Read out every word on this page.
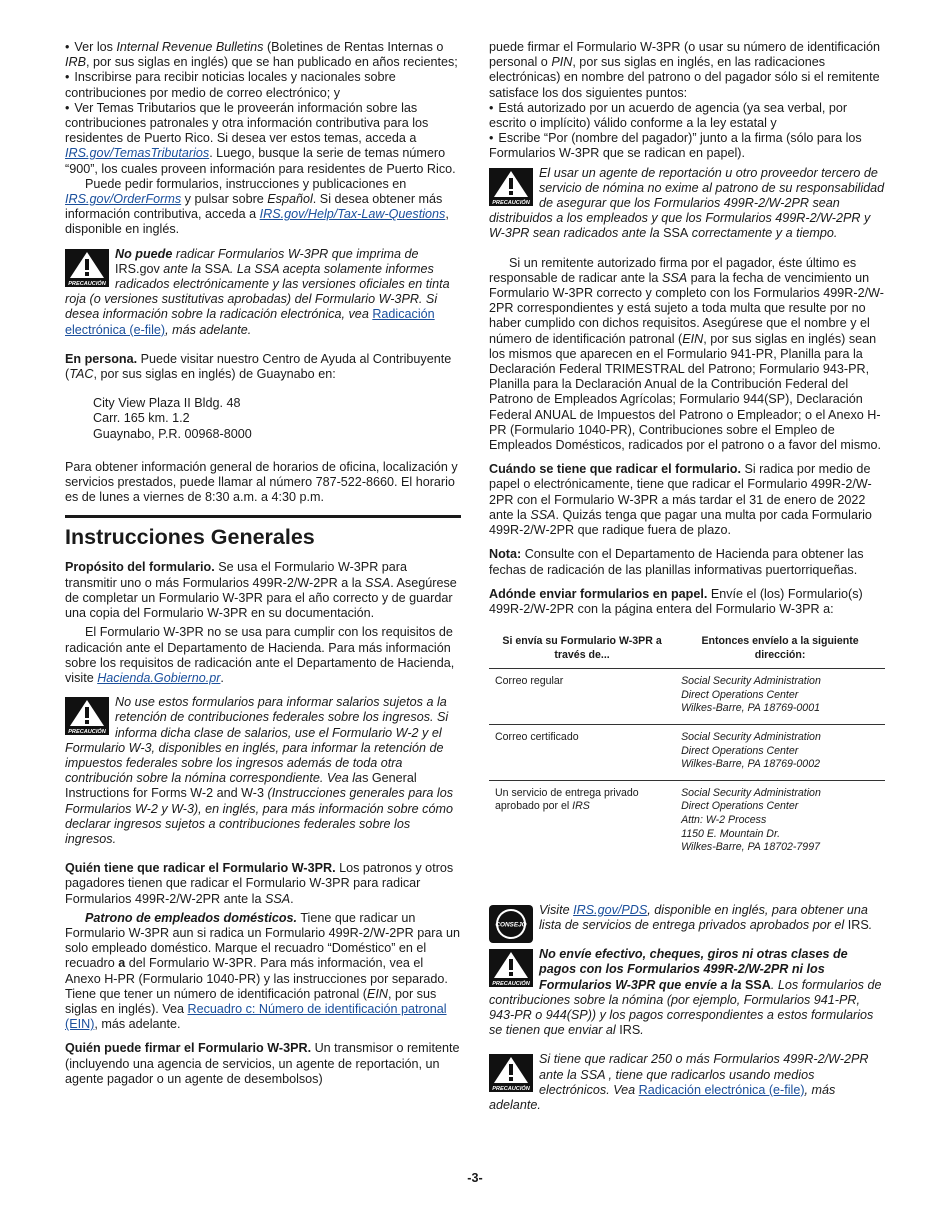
• Ver los Internal Revenue Bulletins (Boletines de Rentas Internas o IRB, por sus siglas en inglés) que se han publicado en años recientes;

• Inscribirse para recibir noticias locales y nacionales sobre contribuciones por medio de correo electrónico; y

• Ver Temas Tributarios que le proveerán información sobre las contribuciones patronales y otra información contributiva para los residentes de Puerto Rico. Si desea ver estos temas, acceda a IRS.gov/TemasTributarios. Luego, busque la serie de temas número “900”, los cuales proveen información para residentes de Puerto Rico.

Puede pedir formularios, instrucciones y publicaciones en IRS.gov/OrderForms y pulsar sobre Español. Si desea obtener más información contributiva, acceda a IRS.gov/Help/Tax-Law-Questions, disponible en inglés.

PRECAUCIÓN
No puede radicar Formularios W-3PR que imprima de IRS.gov ante la SSA. La SSA acepta solamente informes radicados electrónicamente y las versiones oficiales en tinta roja (o versiones sustitutivas aprobadas) del Formulario W-3PR. Si desea información sobre la radicación electrónica, vea Radicación electrónica (e-file), más adelante.

En persona. Puede visitar nuestro Centro de Ayuda al Contribuyente (TAC, por sus siglas en inglés) de Guaynabo en:

City View Plaza II Bldg. 48
Carr. 165 km. 1.2
Guaynabo, P.R. 00968-8000

Para obtener información general de horarios de oficina, localización y servicios prestados, puede llamar al número 787-522-8660. El horario es de lunes a viernes de 8:30 a.m. a 4:30 p.m.

Instrucciones Generales

Propósito del formulario. Se usa el Formulario W-3PR para transmitir uno o más Formularios 499R-2/W-2PR a la SSA. Asegúrese de completar un Formulario W-3PR para el año correcto y de guardar una copia del Formulario W-3PR en su documentación.

El Formulario W-3PR no se usa para cumplir con los requisitos de radicación ante el Departamento de Hacienda. Para más información sobre los requisitos de radicación ante el Departamento de Hacienda, visite Hacienda.Gobierno.pr.

PRECAUCIÓN
No use estos formularios para informar salarios sujetos a la retención de contribuciones federales sobre los ingresos. Si informa dicha clase de salarios, use el Formulario W-2 y el Formulario W-3, disponibles en inglés, para informar la retención de impuestos federales sobre los ingresos además de toda otra contribución sobre la nómina correspondiente. Vea las General Instructions for Forms W-2 and W-3 (Instrucciones generales para los Formularios W-2 y W-3), en inglés, para más información sobre cómo declarar ingresos sujetos a contribuciones federales sobre los ingresos.

Quién tiene que radicar el Formulario W-3PR. Los patronos y otros pagadores tienen que radicar el Formulario W-3PR para radicar Formularios 499R-2/W-2PR ante la SSA.

Patrono de empleados domésticos. Tiene que radicar un Formulario W-3PR aun si radica un Formulario 499R-2/W-2PR para un solo empleado doméstico. Marque el recuadro “Doméstico” en el recuadro a del Formulario W-3PR. Para más información, vea el Anexo H-PR (Formulario 1040-PR) y las instrucciones por separado. Tiene que tener un número de identificación patronal (EIN, por sus siglas en inglés). Vea Recuadro c: Número de identificación patronal (EIN), más adelante.

Quién puede firmar el Formulario W-3PR. Un transmisor o remitente (incluyendo una agencia de servicios, un agente de reportación, un agente pagador o un agente de desembolsos)

puede firmar el Formulario W-3PR (o usar su número de identificación personal o PIN, por sus siglas en inglés, en las radicaciones electrónicas) en nombre del patrono o del pagador sólo si el remitente satisface los dos siguientes puntos:

• Está autorizado por un acuerdo de agencia (ya sea verbal, por escrito o implícito) válido conforme a la ley estatal y

• Escribe “Por (nombre del pagador)” junto a la firma (sólo para los Formularios W-3PR que se radican en papel).

PRECAUCIÓN
El usar un agente de reportación u otro proveedor tercero de servicio de nómina no exime al patrono de su responsabilidad de asegurar que los Formularios 499R-2/W-2PR sean distribuidos a los empleados y que los Formularios 499R-2/W-2PR y W-3PR sean radicados ante la SSA correctamente y a tiempo.

Si un remitente autorizado firma por el pagador, éste último es responsable de radicar ante la SSA para la fecha de vencimiento un Formulario W-3PR correcto y completo con los Formularios 499R-2/W-2PR correspondientes y está sujeto a toda multa que resulte por no haber cumplido con dichos requisitos. Asegúrese que el nombre y el número de identificación patronal (EIN, por sus siglas en inglés) sean los mismos que aparecen en el Formulario 941-PR, Planilla para la Declaración Federal TRIMESTRAL del Patrono; Formulario 943-PR, Planilla para la Declaración Anual de la Contribución Federal del Patrono de Empleados Agrícolas; Formulario 944(SP), Declaración Federal ANUAL de Impuestos del Patrono o Empleador; o el Anexo H-PR (Formulario 1040-PR), Contribuciones sobre el Empleo de Empleados Domésticos, radicados por el patrono o a favor del mismo.

Cuándo se tiene que radicar el formulario. Si radica por medio de papel o electrónicamente, tiene que radicar el Formulario 499R-2/W-2PR con el Formulario W-3PR a más tardar el 31 de enero de 2022 ante la SSA. Quizás tenga que pagar una multa por cada Formulario 499R-2/W-2PR que radique fuera de plazo.

Nota: Consulte con el Departamento de Hacienda para obtener las fechas de radicación de las planillas informativas puertorriqueñas.

Adónde enviar formularios en papel. Envíe el (los) Formulario(s) 499R-2/W-2PR con la página entera del Formulario W-3PR a:

Si envía su Formulario W-3PR a través de...	Entonces envíelo a la siguiente dirección:
Correo regular	Social Security Administration
Direct Operations Center
Wilkes-Barre, PA 18769-0001

Correo certificado	Social Security Administration
Direct Operations Center
Wilkes-Barre, PA 18769-0002

Un servicio de entrega privado aprobado por el IRS	Social Security Administration
Direct Operations Center
Attn: W-2 Process
1150 E. Mountain Dr.
Wilkes-Barre, PA 18702-7997
CONSEJO
Visite IRS.gov/PDS, disponible en inglés, para obtener una lista de servicios de entrega privados aprobados por el IRS.
PRECAUCIÓN
No envíe efectivo, cheques, giros ni otras clases de pagos con los Formularios 499R-2/W-2PR ni los Formularios W-3PR que envíe a la SSA. Los formularios de contribuciones sobre la nómina (por ejemplo, Formularios 941-PR, 943-PR o 944(SP)) y los pagos correspondientes a estos formularios se tienen que enviar al IRS.
PRECAUCIÓN
Si tiene que radicar 250 o más Formularios 499R-2/W-2PR ante la SSA , tiene que radicarlos usando medios electrónicos. Vea Radicación electrónica (e-file), más adelante.
-3-
